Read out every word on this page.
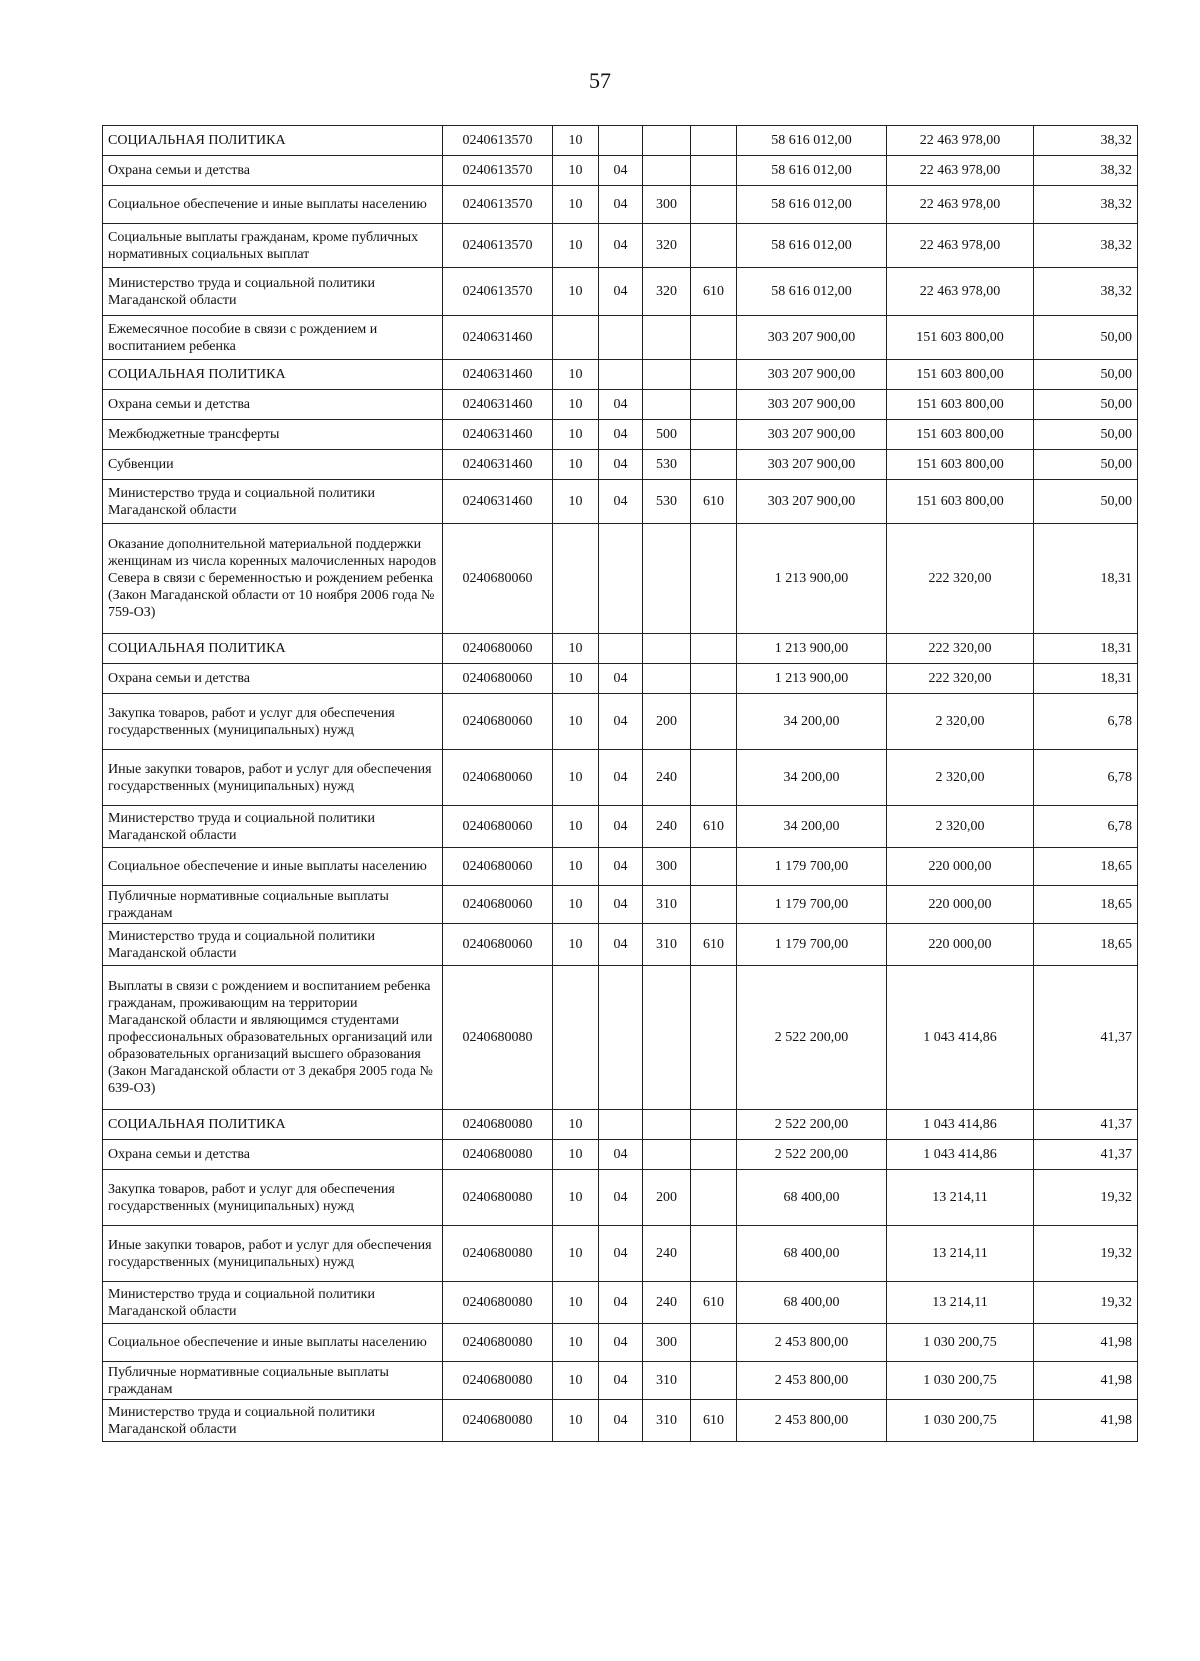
57
СОЦИАЛЬНАЯ ПОЛИТИКА	0240613570	10				58 616 012,00	22 463 978,00	38,32
Охрана семьи и детства	0240613570	10	04			58 616 012,00	22 463 978,00	38,32
Социальное обеспечение и иные выплаты населению	0240613570	10	04	300		58 616 012,00	22 463 978,00	38,32
Социальные выплаты гражданам, кроме публичных нормативных социальных выплат	0240613570	10	04	320		58 616 012,00	22 463 978,00	38,32
Министерство труда и социальной политики Магаданской области	0240613570	10	04	320	610	58 616 012,00	22 463 978,00	38,32
Ежемесячное пособие в связи с рождением и воспитанием ребенка	0240631460					303 207 900,00	151 603 800,00	50,00
СОЦИАЛЬНАЯ ПОЛИТИКА	0240631460	10				303 207 900,00	151 603 800,00	50,00
Охрана семьи и детства	0240631460	10	04			303 207 900,00	151 603 800,00	50,00
Межбюджетные трансферты	0240631460	10	04	500		303 207 900,00	151 603 800,00	50,00
Субвенции	0240631460	10	04	530		303 207 900,00	151 603 800,00	50,00
Министерство труда и социальной политики Магаданской области	0240631460	10	04	530	610	303 207 900,00	151 603 800,00	50,00
Оказание дополнительной материальной поддержки женщинам из числа коренных малочисленных народов Севера в связи с беременностью и рождением ребенка (Закон Магаданской области от 10 ноября 2006 года № 759-ОЗ)	0240680060					1 213 900,00	222 320,00	18,31
СОЦИАЛЬНАЯ ПОЛИТИКА	0240680060	10				1 213 900,00	222 320,00	18,31
Охрана семьи и детства	0240680060	10	04			1 213 900,00	222 320,00	18,31
Закупка товаров, работ и услуг для обеспечения государственных (муниципальных) нужд	0240680060	10	04	200		34 200,00	2 320,00	6,78
Иные закупки товаров, работ и услуг для обеспечения государственных (муниципальных) нужд	0240680060	10	04	240		34 200,00	2 320,00	6,78
Министерство труда и социальной политики Магаданской области	0240680060	10	04	240	610	34 200,00	2 320,00	6,78
Социальное обеспечение и иные выплаты населению	0240680060	10	04	300		1 179 700,00	220 000,00	18,65
Публичные нормативные социальные выплаты гражданам	0240680060	10	04	310		1 179 700,00	220 000,00	18,65
Министерство труда и социальной политики Магаданской области	0240680060	10	04	310	610	1 179 700,00	220 000,00	18,65
Выплаты в связи с рождением и воспитанием ребенка гражданам, проживающим на территории Магаданской области и являющимся студентами профессиональных образовательных организаций или образовательных организаций высшего образования (Закон Магаданской области от 3 декабря 2005 года № 639-ОЗ)	0240680080					2 522 200,00	1 043 414,86	41,37
СОЦИАЛЬНАЯ ПОЛИТИКА	0240680080	10				2 522 200,00	1 043 414,86	41,37
Охрана семьи и детства	0240680080	10	04			2 522 200,00	1 043 414,86	41,37
Закупка товаров, работ и услуг для обеспечения государственных (муниципальных) нужд	0240680080	10	04	200		68 400,00	13 214,11	19,32
Иные закупки товаров, работ и услуг для обеспечения государственных (муниципальных) нужд	0240680080	10	04	240		68 400,00	13 214,11	19,32
Министерство труда и социальной политики Магаданской области	0240680080	10	04	240	610	68 400,00	13 214,11	19,32
Социальное обеспечение и иные выплаты населению	0240680080	10	04	300		2 453 800,00	1 030 200,75	41,98
Публичные нормативные социальные выплаты гражданам	0240680080	10	04	310		2 453 800,00	1 030 200,75	41,98
Министерство труда и социальной политики Магаданской области	0240680080	10	04	310	610	2 453 800,00	1 030 200,75	41,98
